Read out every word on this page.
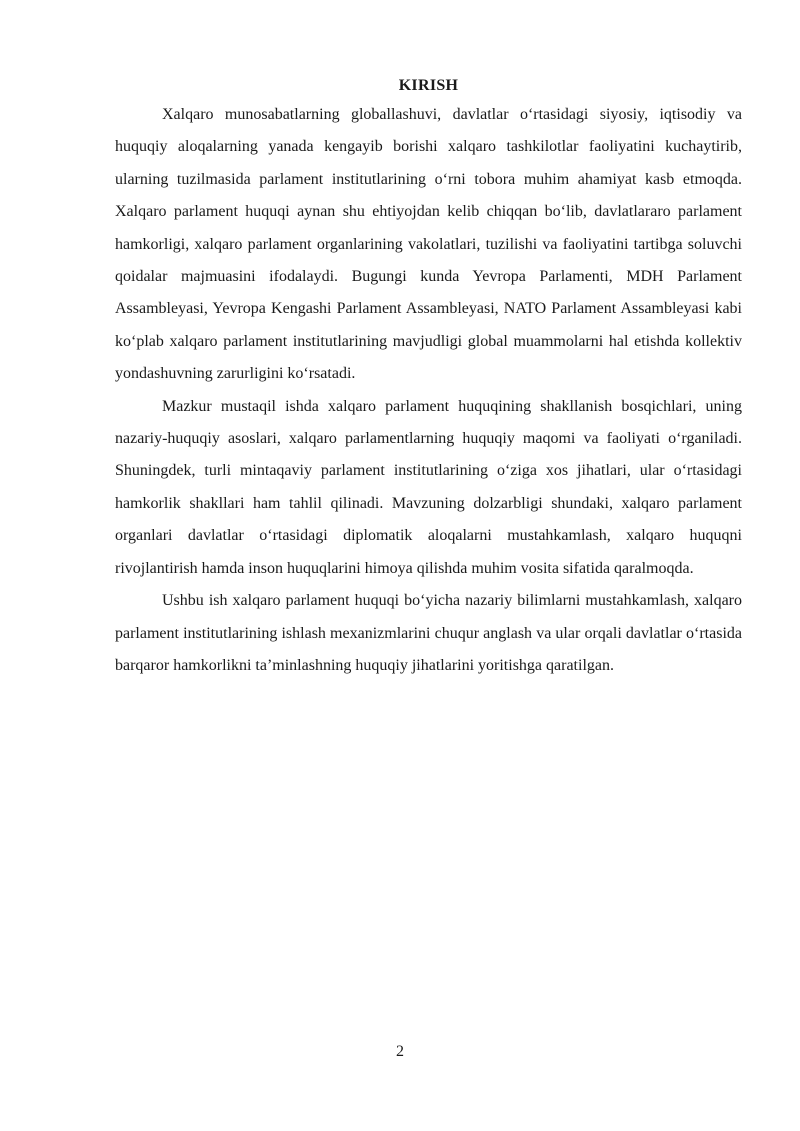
KIRISH

Xalqaro munosabatlarning globallashuvi, davlatlar o‘rtasidagi siyosiy, iqtisodiy va huquqiy aloqalarning yanada kengayib borishi xalqaro tashkilotlar faoliyatini kuchaytirib, ularning tuzilmasida parlament institutlarining o‘rni tobora muhim ahamiyat kasb etmoqda. Xalqaro parlament huquqi aynan shu ehtiyojdan kelib chiqqan bo‘lib, davlatlararo parlament hamkorligi, xalqaro parlament organlarining vakolatlari, tuzilishi va faoliyatini tartibga soluvchi qoidalar majmuasini ifodalaydi. Bugungi kunda Yevropa Parlamenti, MDH Parlament Assambleyasi, Yevropa Kengashi Parlament Assambleyasi, NATO Parlament Assambleyasi kabi ko‘plab xalqaro parlament institutlarining mavjudligi global muammolarni hal etishda kollektiv yondashuvning zarurligini ko‘rsatadi.

Mazkur mustaqil ishda xalqaro parlament huquqining shakllanish bosqichlari, uning nazariy-huquqiy asoslari, xalqaro parlamentlarning huquqiy maqomi va faoliyati o‘rganiladi. Shuningdek, turli mintaqaviy parlament institutlarining o‘ziga xos jihatlari, ular o‘rtasidagi hamkorlik shakllari ham tahlil qilinadi. Mavzuning dolzarbligi shundaki, xalqaro parlament organlari davlatlar o‘rtasidagi diplomatik aloqalarni mustahkamlash, xalqaro huquqni rivojlantirish hamda inson huquqlarini himoya qilishda muhim vosita sifatida qaralmoqda.

Ushbu ish xalqaro parlament huquqi bo‘yicha nazariy bilimlarni mustahkamlash, xalqaro parlament institutlarining ishlash mexanizmlarini chuqur anglash va ular orqali davlatlar o‘rtasida barqaror hamkorlikni ta’minlashning huquqiy jihatlarini yoritishga qaratilgan.

2
